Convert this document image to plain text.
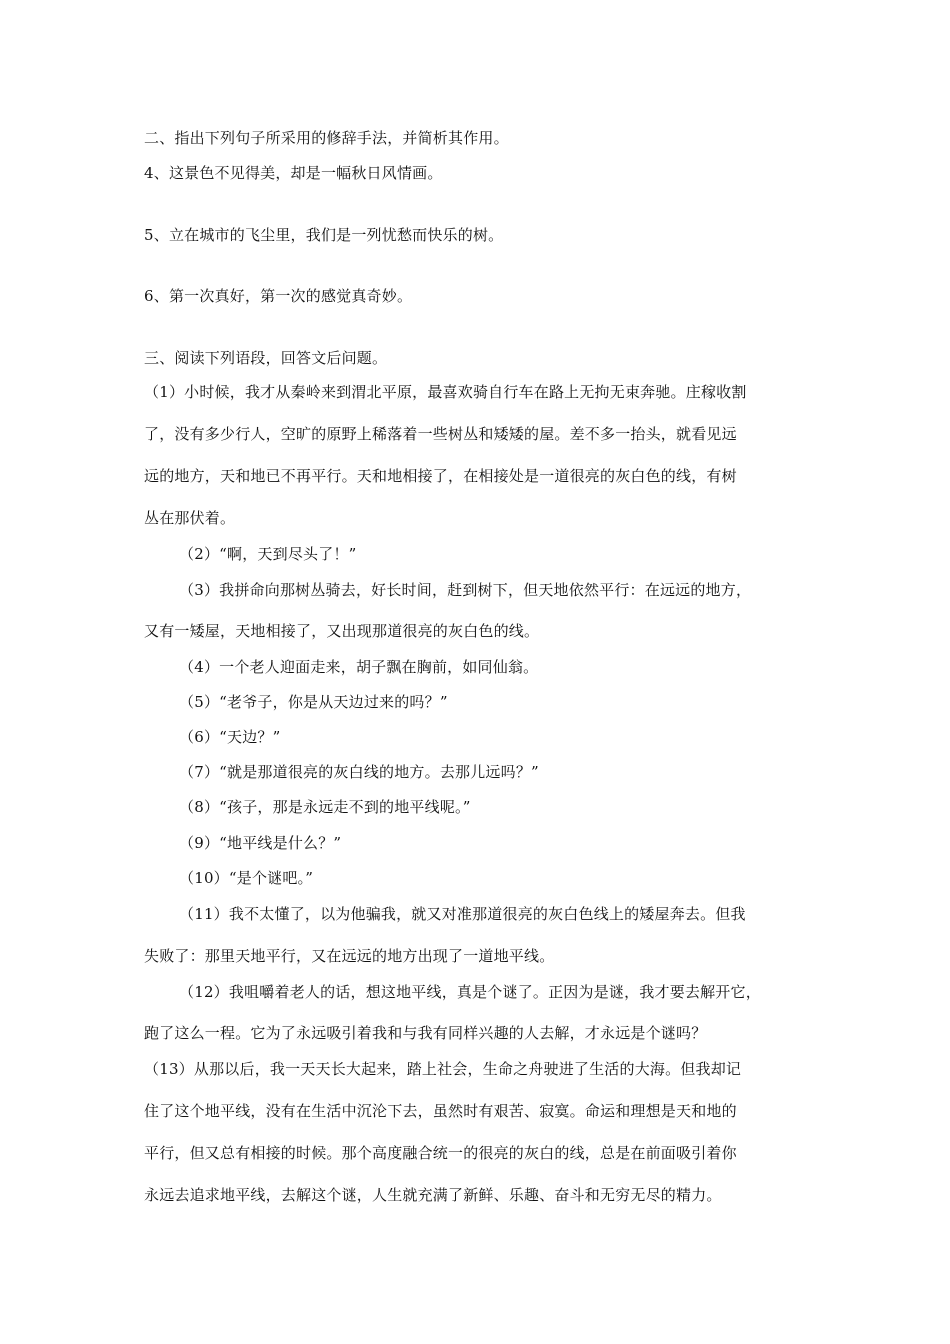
二、指出下列句子所采用的修辞手法，并简析其作用。
4、这景色不见得美，却是一幅秋日风情画。
5、立在城市的飞尘里，我们是一列忧愁而快乐的树。
6、第一次真好，第一次的感觉真奇妙。
三、阅读下列语段，回答文后问题。
（1）小时候，我才从秦岭来到渭北平原，最喜欢骑自行车在路上无拘无束奔驰。庄稼收割
了，没有多少行人，空旷的原野上稀落着一些树丛和矮矮的屋。差不多一抬头，就看见远
远的地方，天和地已不再平行。天和地相接了，在相接处是一道很亮的灰白色的线，有树
丛在那伏着。
（2）“啊，天到尽头了！”
（3）我拼命向那树丛骑去，好长时间，赶到树下，但天地依然平行：在远远的地方，
又有一矮屋，天地相接了，又出现那道很亮的灰白色的线。
（4）一个老人迎面走来，胡子飘在胸前，如同仙翁。
（5）“老爷子，你是从天边过来的吗？”
（6）“天边？”
（7）“就是那道很亮的灰白线的地方。去那儿远吗？”
（8）“孩子，那是永远走不到的地平线呢。”
（9）“地平线是什么？”
（10）“是个谜吧。”
（11）我不太懂了，以为他骗我，就又对准那道很亮的灰白色线上的矮屋奔去。但我
失败了：那里天地平行，又在远远的地方出现了一道地平线。
（12）我咀嚼着老人的话，想这地平线，真是个谜了。正因为是谜，我才要去解开它，
跑了这么一程。它为了永远吸引着我和与我有同样兴趣的人去解，才永远是个谜吗？
（13）从那以后，我一天天长大起来，踏上社会，生命之舟驶进了生活的大海。但我却记
住了这个地平线，没有在生活中沉沦下去，虽然时有艰苦、寂寞。命运和理想是天和地的
平行，但又总有相接的时候。那个高度融合统一的很亮的灰白的线，总是在前面吸引着你
永远去追求地平线，去解这个谜，人生就充满了新鲜、乐趣、奋斗和无穷无尽的精力。
